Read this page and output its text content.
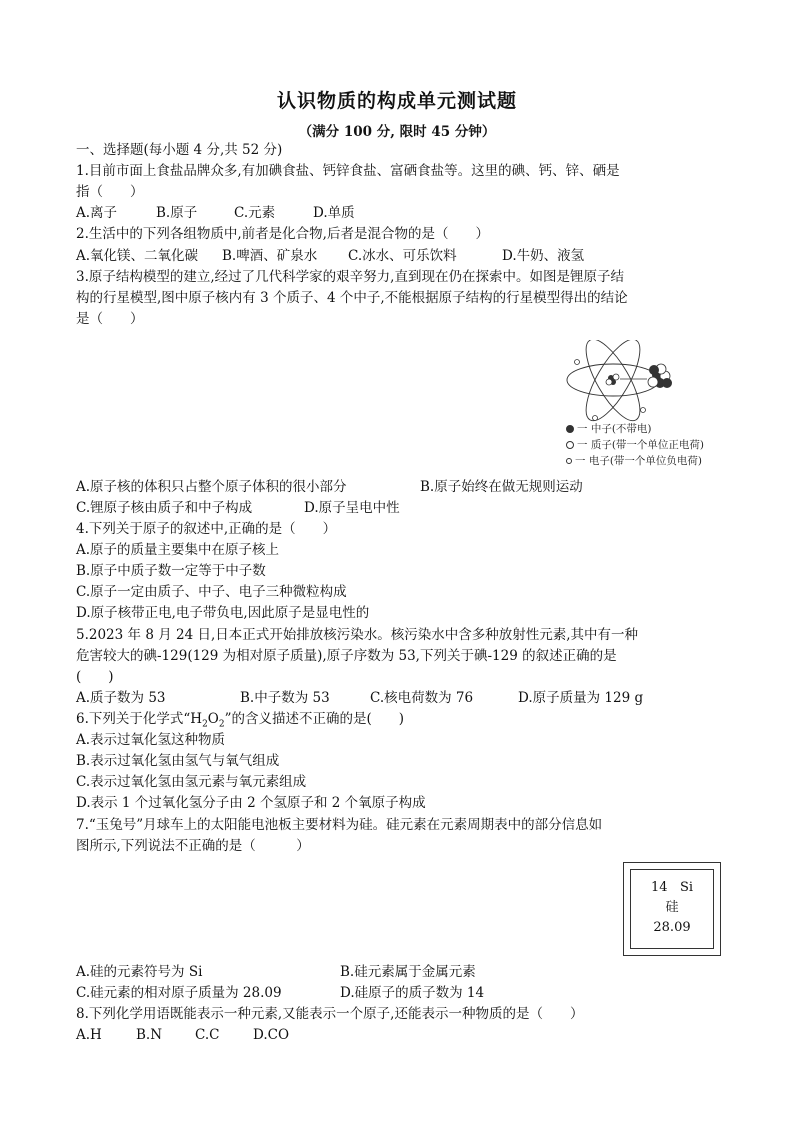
认识物质的构成单元测试题
（满分 100 分, 限时 45 分钟）
一、选择题(每小题 4 分,共 52 分)
1.目前市面上食盐品牌众多,有加碘食盐、钙锌食盐、富硒食盐等。这里的碘、钙、锌、硒是
指（　　）
A.离子	B.原子	C.元素	D.单质
2.生活中的下列各组物质中,前者是化合物,后者是混合物的是（　　）
A.氧化镁、二氧化碳 B.啤酒、矿泉水 C.冰水、可乐饮料	D.牛奶、液氢
3.原子结构模型的建立,经过了几代科学家的艰辛努力,直到现在仍在探索中。如图是锂原子结
构的行星模型,图中原子核内有 3 个质子、4 个中子,不能根据原子结构的行星模型得出的结论
是（　　）
一 中子(不带电)
一 质子(带一个单位正电荷)
一 电子(带一个单位负电荷)
A.原子核的体积只占整个原子体积的很小部分	B.原子始终在做无规则运动
C.锂原子核由质子和中子构成	D.原子呈电中性
4.下列关于原子的叙述中,正确的是（　　）
A.原子的质量主要集中在原子核上
B.原子中质子数一定等于中子数
C.原子一定由质子、中子、电子三种微粒构成
D.原子核带正电,电子带负电,因此原子是显电性的
5.2023 年 8 月 24 日,日本正式开始排放核污染水。核污染水中含多种放射性元素,其中有一种
危害较大的碘-129(129 为相对原子质量),原子序数为 53,下列关于碘-129 的叙述正确的是
(　　)
A.质子数为 53	B.中子数为 53	C.核电荷数为 76	D.原子质量为 129 g
6.下列关于化学式“$H_2O_2$”的含义描述不正确的是(　　)
A.表示过氧化氢这种物质
B.表示过氧化氢由氢气与氧气组成
C.表示过氧化氢由氢元素与氧元素组成
D.表示 1 个过氧化氢分子由 2 个氢原子和 2 个氧原子构成
7.“玉兔号”月球车上的太阳能电池板主要材料为硅。硅元素在元素周期表中的部分信息如
图所示,下列说法不正确的是（　　　）
14 Si
硅
28.09
A.硅的元素符号为 Si	B.硅元素属于金属元素
C.硅元素的相对原子质量为 28.09	D.硅原子的质子数为 14
8.下列化学用语既能表示一种元素,又能表示一个原子,还能表示一种物质的是（　　）
A.H	B.N C.C D.CO
